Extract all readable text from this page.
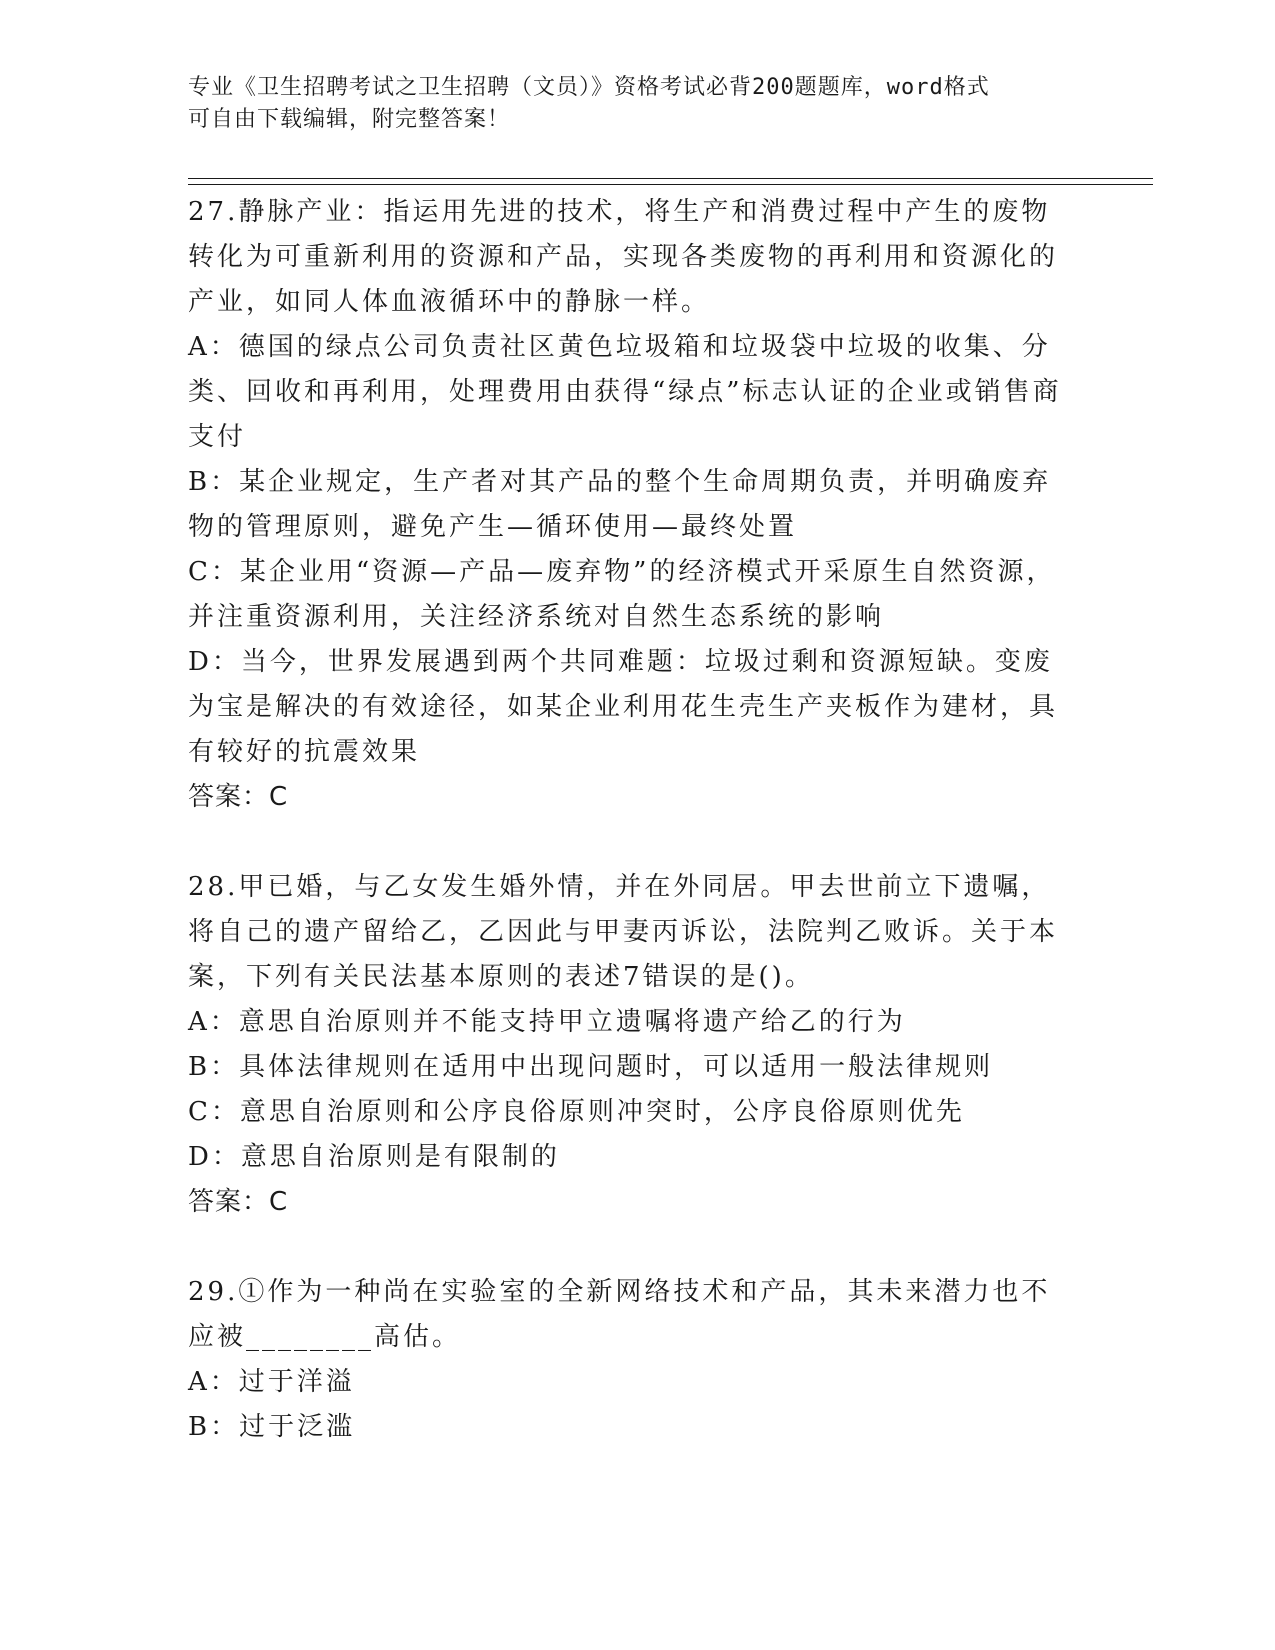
专业《卫生招聘考试之卫生招聘（文员）》资格考试必背200题题库，word格式
可自由下载编辑，附完整答案！

27.静脉产业：指运用先进的技术，将生产和消费过程中产生的废物转化为可重新利用的资源和产品，实现各类废物的再利用和资源化的产业，如同人体血液循环中的静脉一样。

A：德国的绿点公司负责社区黄色垃圾箱和垃圾袋中垃圾的收集、分类、回收和再利用，处理费用由获得“绿点”标志认证的企业或销售商支付

B：某企业规定，生产者对其产品的整个生命周期负责，并明确废弃物的管理原则，避免产生—循环使用—最终处置

C：某企业用“资源—产品—废弃物”的经济模式开采原生自然资源，并注重资源利用，关注经济系统对自然生态系统的影响

D：当今，世界发展遇到两个共同难题：垃圾过剩和资源短缺。变废为宝是解决的有效途径，如某企业利用花生壳生产夹板作为建材，具有较好的抗震效果

答案：C

28.甲已婚，与乙女发生婚外情，并在外同居。甲去世前立下遗嘱，将自己的遗产留给乙，乙因此与甲妻丙诉讼，法院判乙败诉。关于本案，下列有关民法基本原则的表述7错误的是()。

A：意思自治原则并不能支持甲立遗嘱将遗产给乙的行为

B：具体法律规则在适用中出现问题时，可以适用一般法律规则

C：意思自治原则和公序良俗原则冲突时，公序良俗原则优先

D：意思自治原则是有限制的

答案：C

29.①作为一种尚在实验室的全新网络技术和产品，其未来潜力也不应被________高估。

A：过于洋溢

B：过于泛滥
